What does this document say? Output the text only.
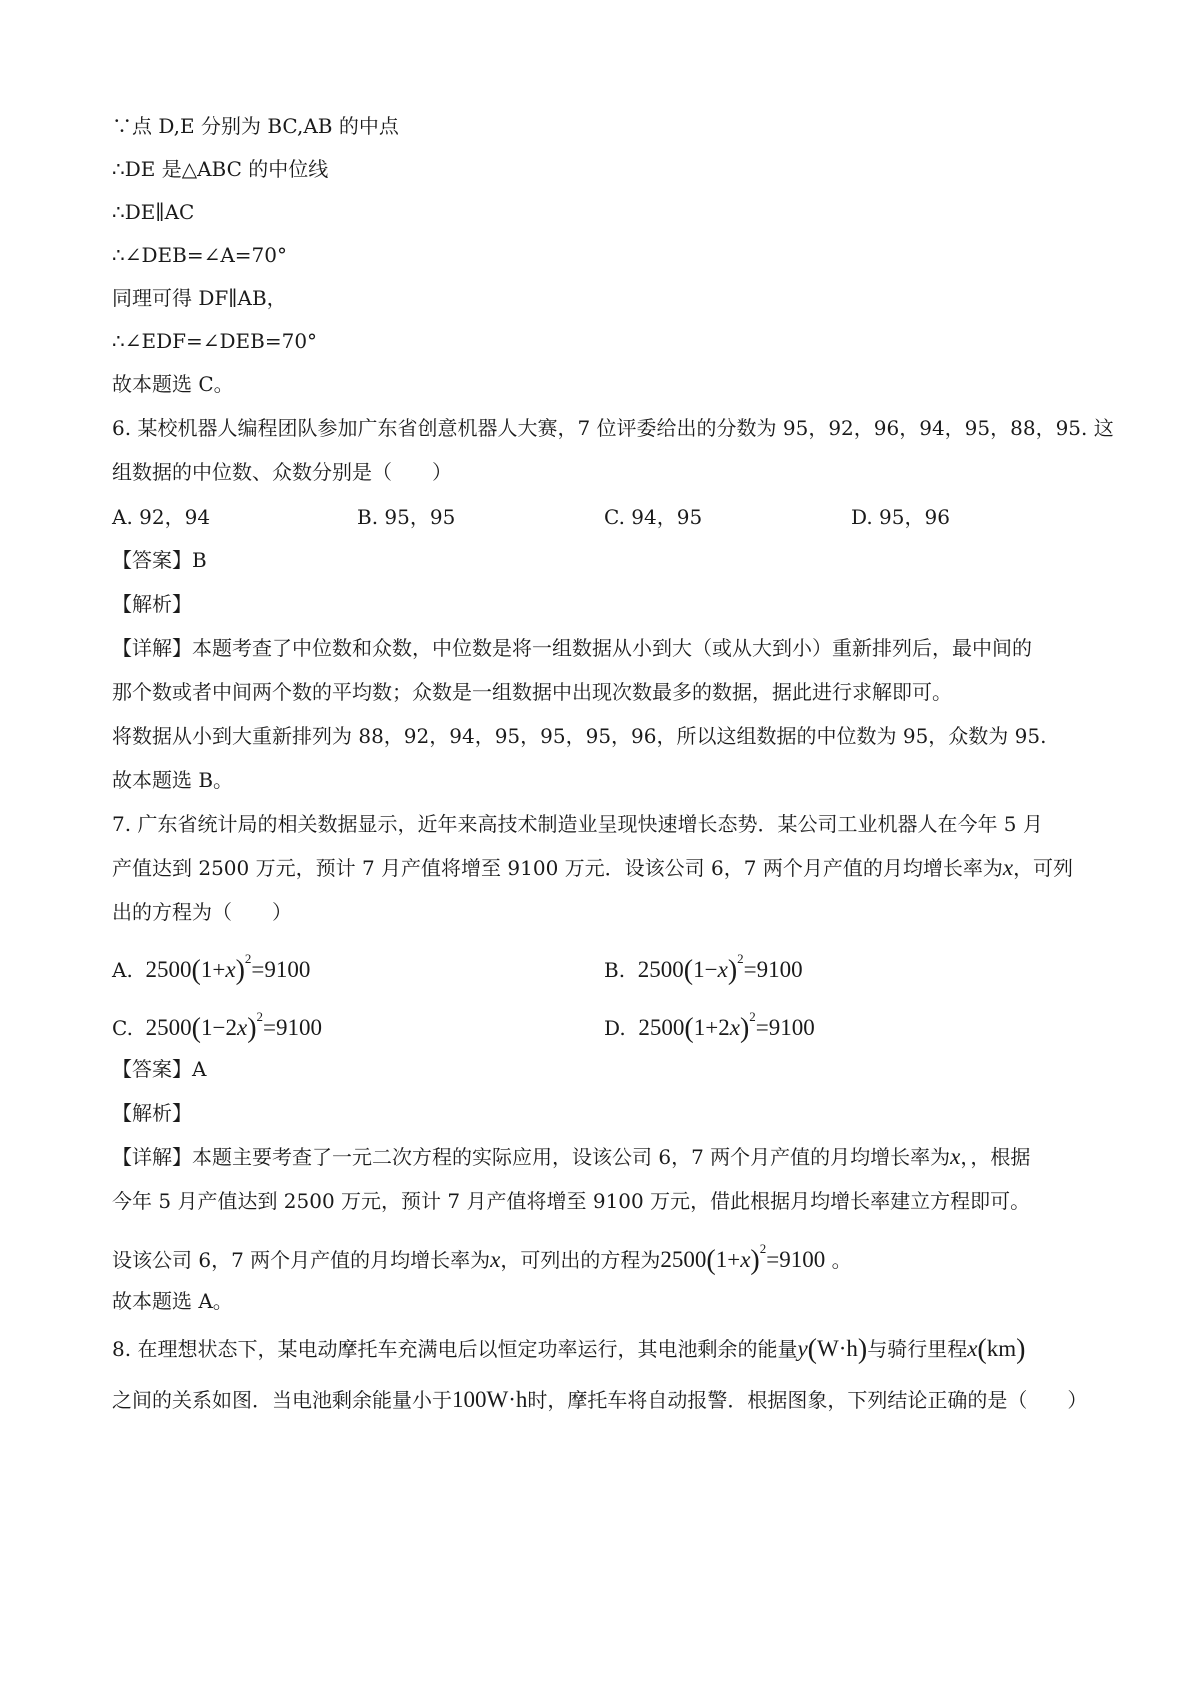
∵点 D,E 分别为 BC,AB 的中点
∴DE 是△ABC 的中位线
∴DE∥AC
∴∠DEB=∠A=70°
同理可得 DF∥AB，
∴∠EDF=∠DEB=70°
故本题选 C。
6. 某校机器人编程团队参加广东省创意机器人大赛，7 位评委给出的分数为 95，92，96，94，95，88，95. 这
组数据的中位数、众数分别是（　　）
A. 92，94	B. 95，95	C. 94，95	D. 95，96
【答案】B
【解析】
【详解】本题考查了中位数和众数，中位数是将一组数据从小到大（或从大到小）重新排列后，最中间的
那个数或者中间两个数的平均数；众数是一组数据中出现次数最多的数据，据此进行求解即可。
将数据从小到大重新排列为 88，92，94，95，95，95，96，所以这组数据的中位数为 95，众数为 95.
故本题选 B。
7. 广东省统计局的相关数据显示，近年来高技术制造业呈现快速增长态势．某公司工业机器人在今年 5 月
产值达到 2500 万元，预计 7 月产值将增至 9100 万元．设该公司 6，7 两个月产值的月均增长率为x，可列
出的方程为（　　）
A. $2500(1+x)^2=9100$	B. $2500(1-x)^2=9100$
C. $2500(1-2x)^2=9100$	D. $2500(1+2x)^2=9100$
【答案】A
【解析】
【详解】本题主要考查了一元二次方程的实际应用，设该公司 6，7 两个月产值的月均增长率为x，，根据
今年 5 月产值达到 2500 万元，预计 7 月产值将增至 9100 万元，借此根据月均增长率建立方程即可。
设该公司 6，7 两个月产值的月均增长率为x，可列出的方程为$2500(1+x)^2=9100$ 。
故本题选 A。
8. 在理想状态下，某电动摩托车充满电后以恒定功率运行，其电池剩余的能量y(W·h)与骑行里程x(km)
之间的关系如图．当电池剩余能量小于100W·h时，摩托车将自动报警．根据图象，下列结论正确的是（　　）
